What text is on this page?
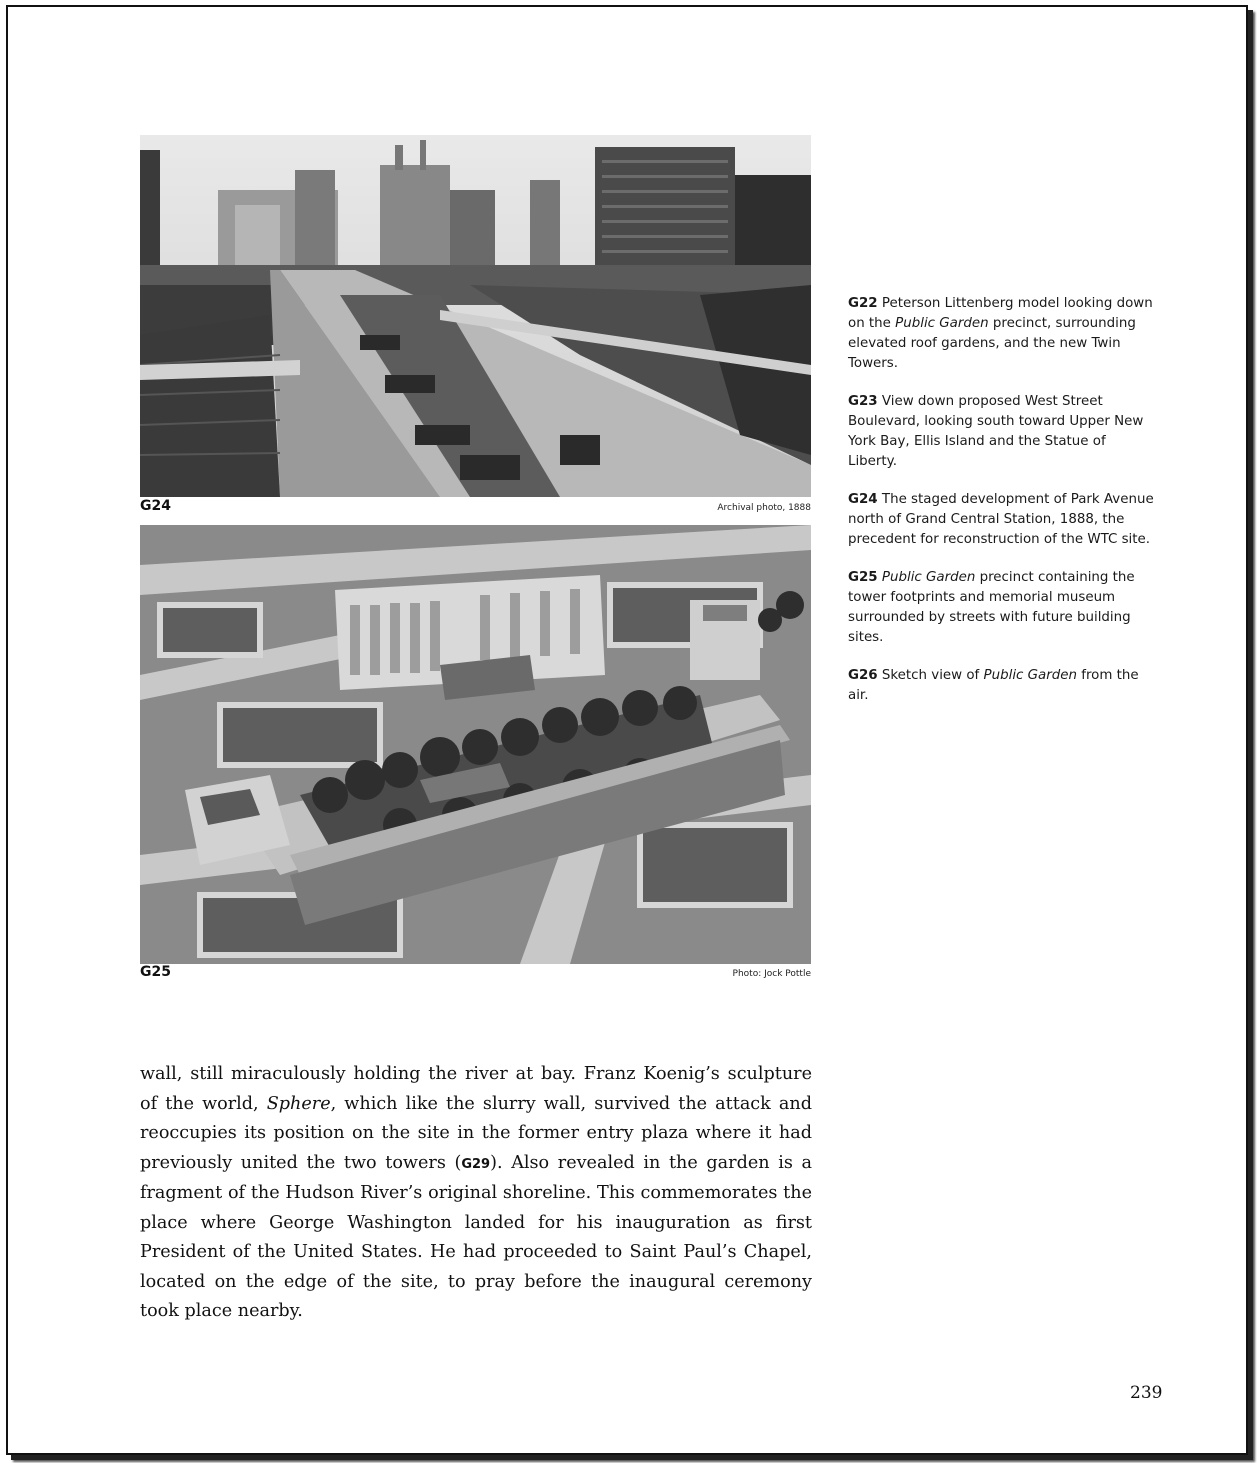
G24	Archival photo, 1888
G25	Photo: Jock Pottle

G22 Peterson Littenberg model looking down on the Public Garden precinct, surrounding elevated roof gardens, and the new Twin Towers.

G23 View down proposed West Street Boulevard, looking south toward Upper New York Bay, Ellis Island and the Statue of Liberty.

G24 The staged development of Park Avenue north of Grand Central Station, 1888, the precedent for reconstruction of the WTC site.

G25 Public Garden precinct containing the tower footprints and memorial museum surrounded by streets with future building sites.

G26 Sketch view of Public Garden from the air.

wall, still miraculously holding the river at bay. Franz Koenig’s sculpture of the world, Sphere, which like the slurry wall, survived the attack and reoccupies its position on the site in the former entry plaza where it had previously united the two towers (G29). Also revealed in the garden is a fragment of the Hudson River’s original shoreline. This commemorates the place where George Washington landed for his inauguration as first President of the United States. He had proceeded to Saint Paul’s Chapel, located on the edge of the site, to pray before the inaugural ceremony took place nearby.

239
